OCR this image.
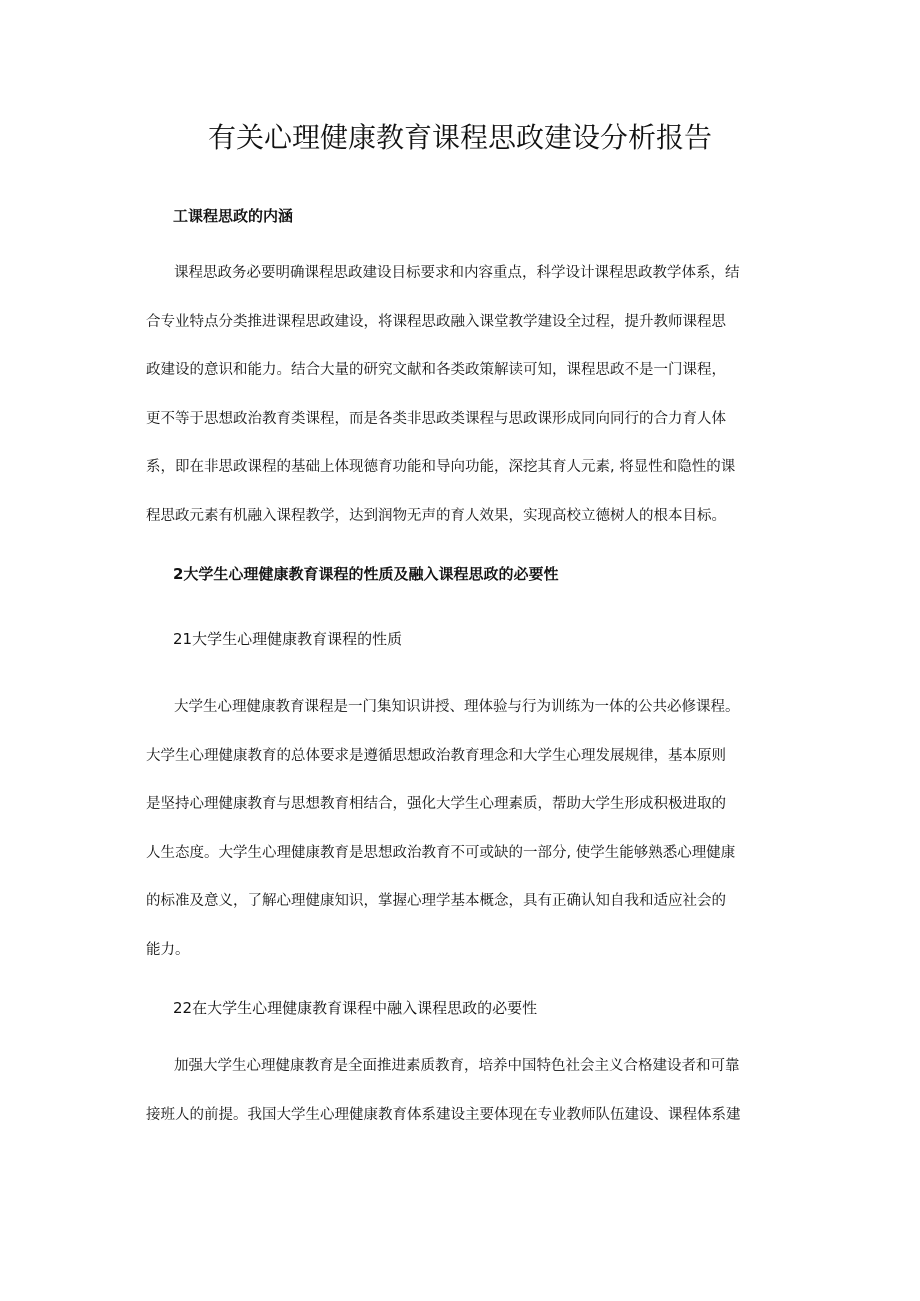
有关心理健康教育课程思政建设分析报告

工课程思政的内涵

课程思政务必要明确课程思政建设目标要求和内容重点，科学设计课程思政教学体系，结
合专业特点分类推进课程思政建设，将课程思政融入课堂教学建设全过程，提升教师课程思
政建设的意识和能力。结合大量的研究文献和各类政策解读可知，课程思政不是一门课程，
更不等于思想政治教育类课程，而是各类非思政类课程与思政课形成同向同行的合力育人体
系，即在非思政课程的基础上体现德育功能和导向功能，深挖其育人元素, 将显性和隐性的课
程思政元素有机融入课程教学，达到润物无声的育人效果，实现高校立德树人的根本目标。

2大学生心理健康教育课程的性质及融入课程思政的必要性

21大学生心理健康教育课程的性质

大学生心理健康教育课程是一门集知识讲授、理体验与行为训练为一体的公共必修课程。
大学生心理健康教育的总体要求是遵循思想政治教育理念和大学生心理发展规律，基本原则
是坚持心理健康教育与思想教育相结合，强化大学生心理素质，帮助大学生形成积极进取的
人生态度。大学生心理健康教育是思想政治教育不可或缺的一部分, 使学生能够熟悉心理健康
的标准及意义，了解心理健康知识，掌握心理学基本概念，具有正确认知自我和适应社会的
能力。

22在大学生心理健康教育课程中融入课程思政的必要性

加强大学生心理健康教育是全面推进素质教育，培养中国特色社会主义合格建设者和可靠
接班人的前提。我国大学生心理健康教育体系建设主要体现在专业教师队伍建设、课程体系建
